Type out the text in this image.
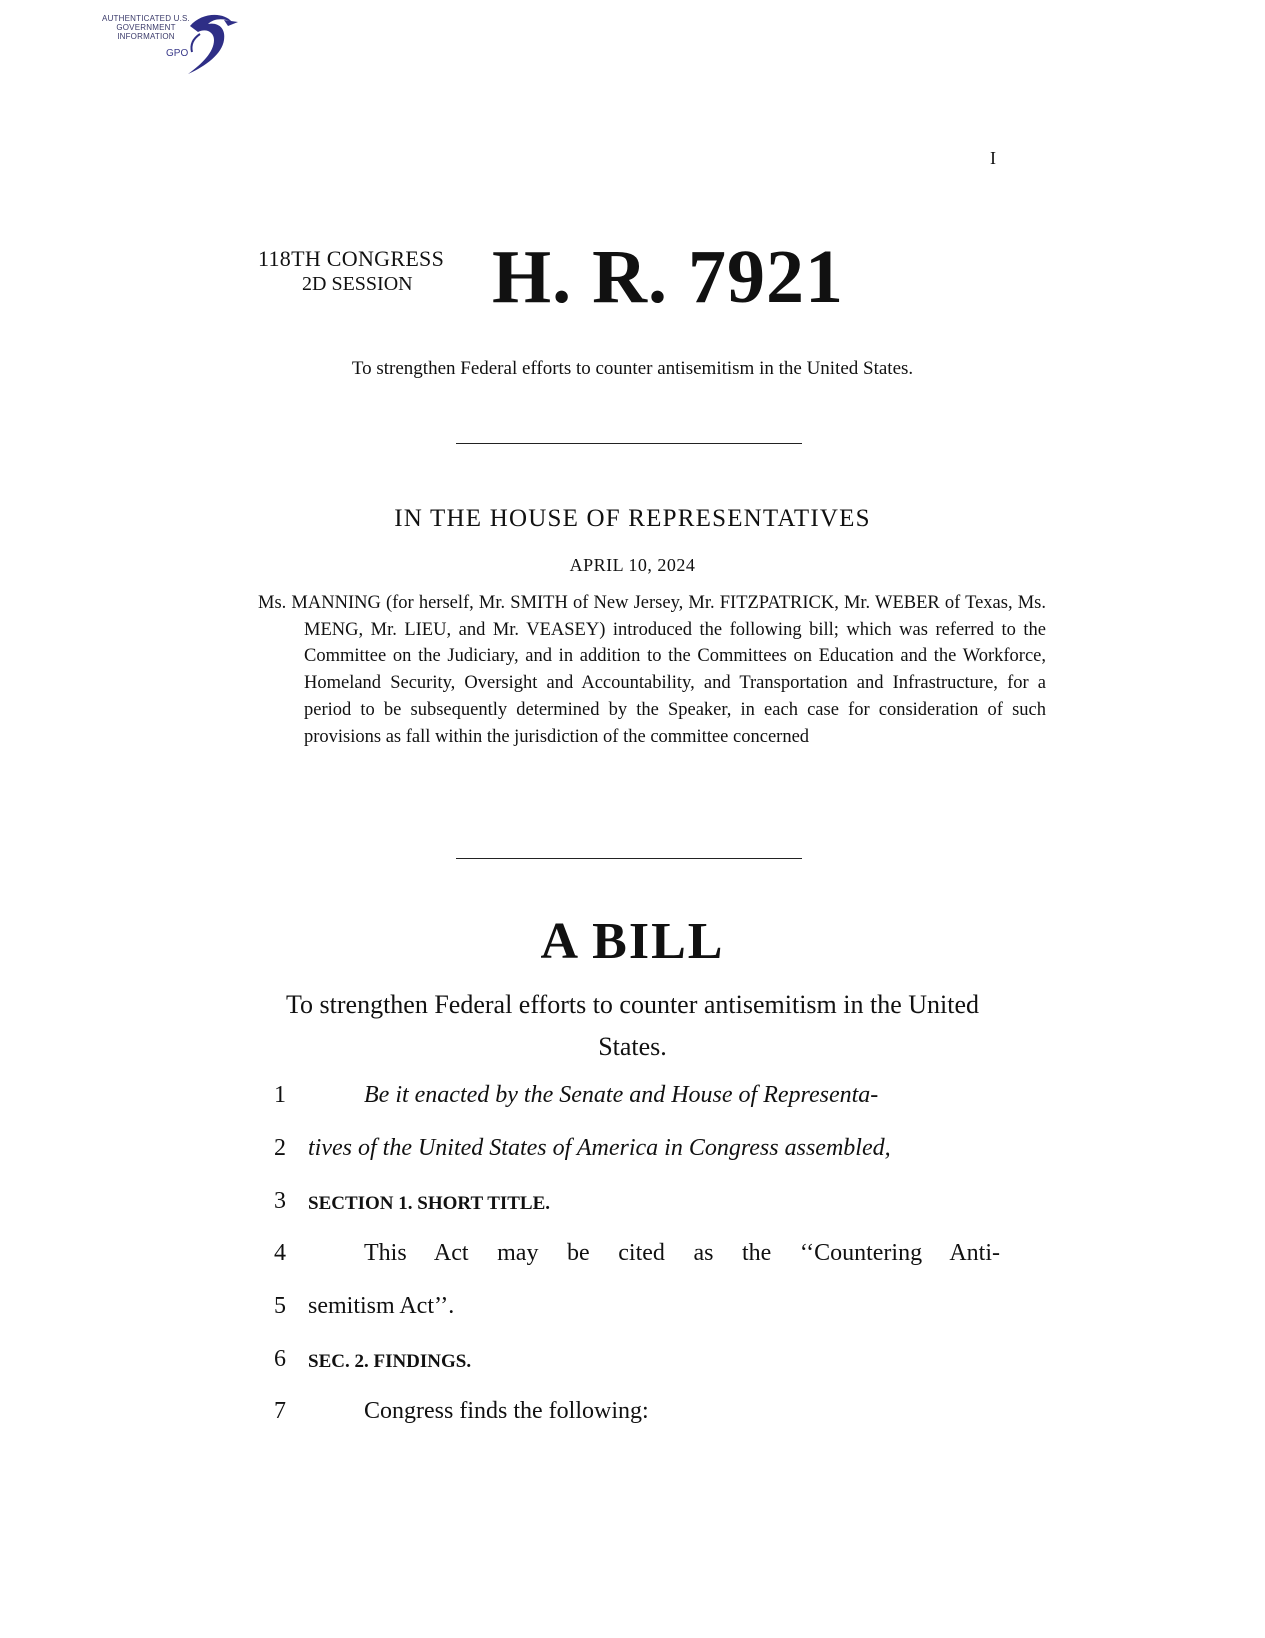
AUTHENTICATED U.S. GOVERNMENT INFORMATION
GPO
I
118TH CONGRESS
2D SESSION H. R. 7921
To strengthen Federal efforts to counter antisemitism in the United States.
IN THE HOUSE OF REPRESENTATIVES
APRIL 10, 2024
Ms. MANNING (for herself, Mr. SMITH of New Jersey, Mr. FITZPATRICK, Mr. WEBER of Texas, Ms. MENG, Mr. LIEU, and Mr. VEASEY) introduced the following bill; which was referred to the Committee on the Judiciary, and in addition to the Committees on Education and the Workforce, Homeland Security, Oversight and Accountability, and Transportation and Infrastructure, for a period to be subsequently determined by the Speaker, in each case for consideration of such provisions as fall within the jurisdiction of the committee concerned
A BILL
To strengthen Federal efforts to counter antisemitism in the United States.
1	Be it enacted by the Senate and House of Representa-
2 tives of the United States of America in Congress assembled,
3	SECTION 1. SHORT TITLE.
4	This Act may be cited as the ‘‘Countering Anti-
5 semitism Act’’.
6	SEC. 2. FINDINGS.
7	Congress finds the following:
